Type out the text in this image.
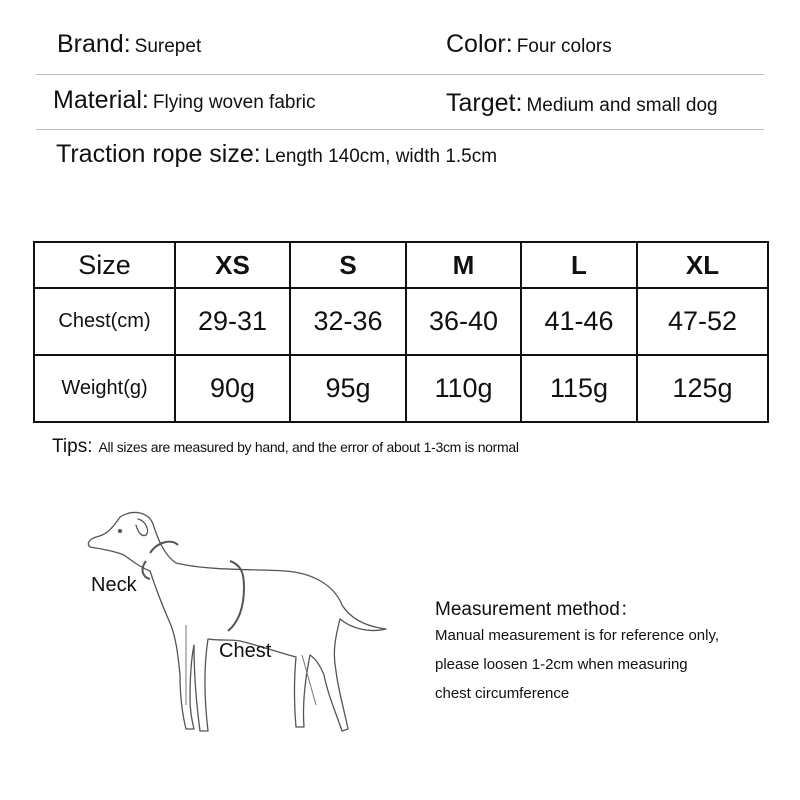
Brand: Surepet	Color: Four colors
Material: Flying woven fabric	Target: Medium and small dog
Traction rope size: Length 140cm, width 1.5cm
Size	XS	S	M	L	XL
Chest(cm)	29-31	32-36	36-40	41-46	47-52
Weight(g)	90g	95g	110g	115g	125g
Tips: All sizes are measured by hand, and the error of about 1-3cm is normal
Neck
Chest
Measurement method：
Manual measurement is for reference only,
please loosen 1-2cm when measuring
chest circumference
